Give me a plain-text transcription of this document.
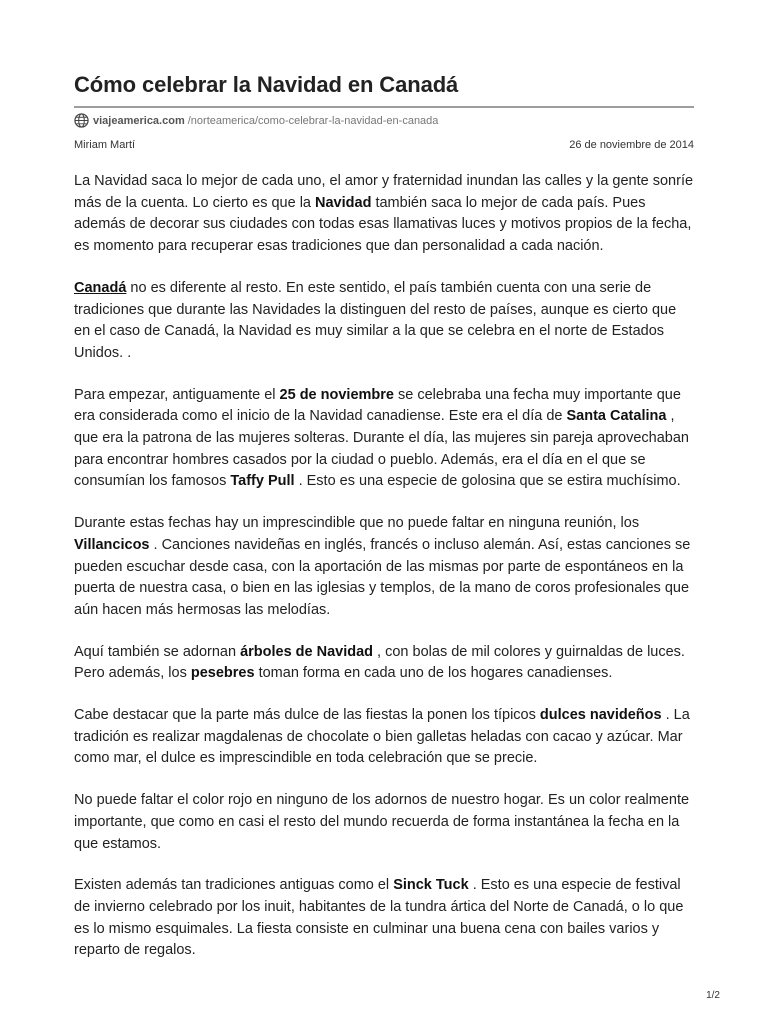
Cómo celebrar la Navidad en Canadá
viajeamerica.com /norteamerica/como-celebrar-la-navidad-en-canada
Miriam Martí	26 de noviembre de 2014

La Navidad saca lo mejor de cada uno, el amor y fraternidad inundan las calles y la gente sonríe más de la cuenta. Lo cierto es que la Navidad también saca lo mejor de cada país. Pues además de decorar sus ciudades con todas esas llamativas luces y motivos propios de la fecha, es momento para recuperar esas tradiciones que dan personalidad a cada nación.

Canadá no es diferente al resto. En este sentido, el país también cuenta con una serie de tradiciones que durante las Navidades la distinguen del resto de países, aunque es cierto que en el caso de Canadá, la Navidad es muy similar a la que se celebra en el norte de Estados Unidos. .

Para empezar, antiguamente el 25 de noviembre se celebraba una fecha muy importante que era considerada como el inicio de la Navidad canadiense. Este era el día de Santa Catalina , que era la patrona de las mujeres solteras. Durante el día, las mujeres sin pareja aprovechaban para encontrar hombres casados por la ciudad o pueblo. Además, era el día en el que se consumían los famosos Taffy Pull . Esto es una especie de golosina que se estira muchísimo.

Durante estas fechas hay un imprescindible que no puede faltar en ninguna reunión, los Villancicos . Canciones navideñas en inglés, francés o incluso alemán. Así, estas canciones se pueden escuchar desde casa, con la aportación de las mismas por parte de espontáneos en la puerta de nuestra casa, o bien en las iglesias y templos, de la mano de coros profesionales que aún hacen más hermosas las melodías.

Aquí también se adornan árboles de Navidad , con bolas de mil colores y guirnaldas de luces. Pero además, los pesebres toman forma en cada uno de los hogares canadienses.

Cabe destacar que la parte más dulce de las fiestas la ponen los típicos dulces navideños . La tradición es realizar magdalenas de chocolate o bien galletas heladas con cacao y azúcar. Mar como mar, el dulce es imprescindible en toda celebración que se precie.

No puede faltar el color rojo en ninguno de los adornos de nuestro hogar. Es un color realmente importante, que como en casi el resto del mundo recuerda de forma instantánea la fecha en la que estamos.

Existen además tan tradiciones antiguas como el Sinck Tuck . Esto es una especie de festival de invierno celebrado por los inuit, habitantes de la tundra ártica del Norte de Canadá, o lo que es lo mismo esquimales. La fiesta consiste en culminar una buena cena con bailes varios y reparto de regalos.

1/2
